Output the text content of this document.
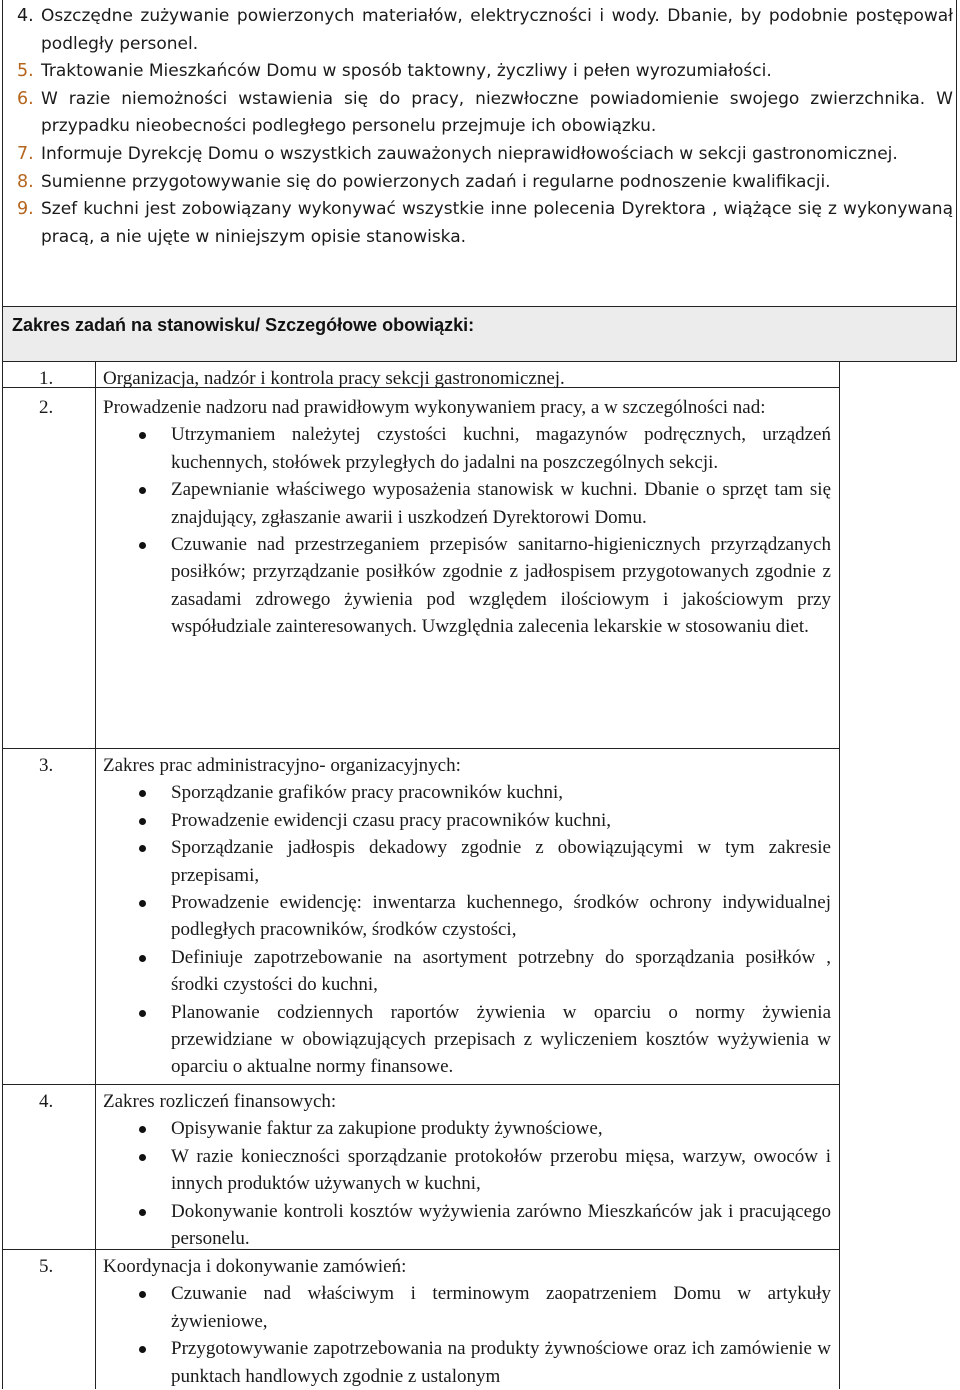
4. Oszczędne zużywanie powierzonych materiałów, elektryczności i wody. Dbanie, by podobnie postępował podległy personel.
5. Traktowanie Mieszkańców Domu w sposób taktowny, życzliwy i pełen wyrozumiałości.
6. W razie niemożności wstawienia się do pracy, niezwłoczne powiadomienie swojego zwierzchnika. W przypadku nieobecności podległego personelu przejmuje ich obowiązku.
7. Informuje Dyrekcję Domu o wszystkich zauważonych nieprawidłowościach w sekcji gastronomicznej.
8. Sumienne przygotowywanie się do powierzonych zadań i regularne podnoszenie kwalifikacji.
9. Szef kuchni jest zobowiązany wykonywać wszystkie inne polecenia Dyrektora , wiążące się z wykonywaną pracą, a nie ujęte w niniejszym opisie stanowiska.
Zakres zadań na stanowisku/ Szczegółowe obowiązki:
1.	Organizacja, nadzór i kontrola pracy sekcji gastronomicznej.
2.	Prowadzenie nadzoru nad prawidłowym wykonywaniem pracy, a w szczególności nad:
Utrzymaniem należytej czystości kuchni, magazynów podręcznych, urządzeń kuchennych, stołówek przyległych do jadalni na poszczególnych sekcji.
Zapewnianie właściwego wyposażenia stanowisk w kuchni. Dbanie o sprzęt tam się znajdujący, zgłaszanie awarii i uszkodzeń Dyrektorowi Domu.
Czuwanie nad przestrzeganiem przepisów sanitarno-higienicznych przyrządzanych posiłków; przyrządzanie posiłków zgodnie z jadłospisem przygotowanych zgodnie z zasadami zdrowego żywienia pod względem ilościowym i jakościowym przy współudziale zainteresowanych. Uwzględnia zalecenia lekarskie w stosowaniu diet.
3.	Zakres prac administracyjno- organizacyjnych:
Sporządzanie grafików pracy pracowników kuchni,
Prowadzenie ewidencji czasu pracy pracowników kuchni,
Sporządzanie jadłospis dekadowy zgodnie z obowiązującymi w tym zakresie przepisami,
Prowadzenie ewidencję: inwentarza kuchennego, środków ochrony indywidualnej podległych pracowników, środków czystości,
Definiuje zapotrzebowanie na asortyment potrzebny do sporządzania posiłków , środki czystości do kuchni,
Planowanie codziennych raportów żywienia w oparciu o normy żywienia przewidziane w obowiązujących przepisach z wyliczeniem kosztów wyżywienia w oparciu o aktualne normy finansowe.
4.	Zakres rozliczeń finansowych:
Opisywanie faktur za zakupione produkty żywnościowe,
W razie konieczności sporządzanie protokołów przerobu mięsa, warzyw, owoców i innych produktów używanych w kuchni,
Dokonywanie kontroli kosztów wyżywienia zarówno Mieszkańców jak i pracującego personelu.
5.	Koordynacja i dokonywanie zamówień:
Czuwanie nad właściwym i terminowym zaopatrzeniem Domu w artykuły żywieniowe,
Przygotowywanie zapotrzebowania na produkty żywnościowe oraz ich zamówienie w punktach handlowych zgodnie z ustalonym
